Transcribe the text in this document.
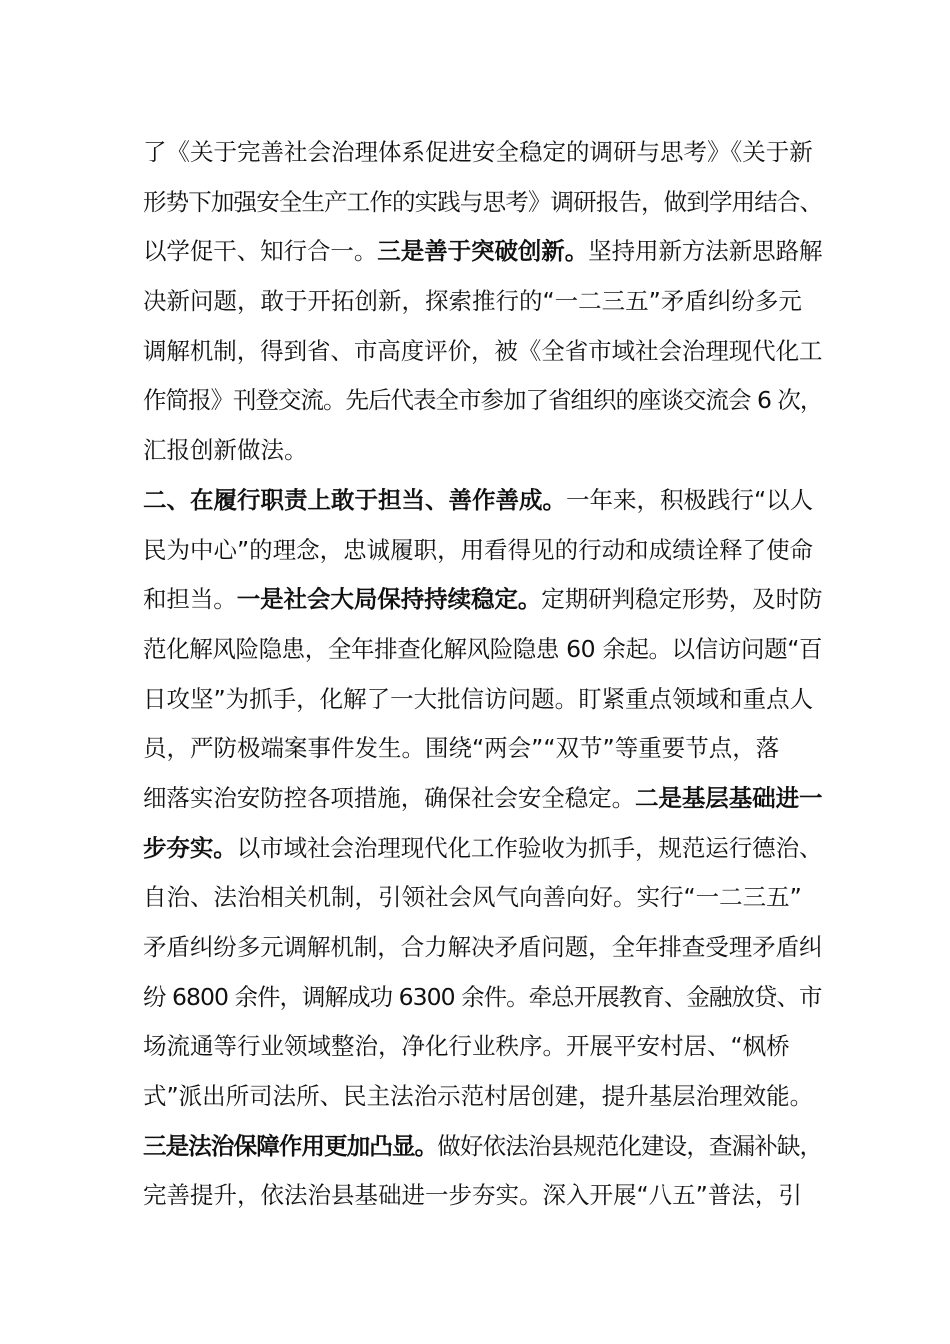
了《关于完善社会治理体系促进安全稳定的调研与思考》《关于新
形势下加强安全生产工作的实践与思考》调研报告，做到学用结合、
以学促干、知行合一。三是善于突破创新。坚持用新方法新思路解
决新问题，敢于开拓创新，探索推行的“一二三五”矛盾纠纷多元
调解机制，得到省、市高度评价，被《全省市域社会治理现代化工
作简报》刊登交流。先后代表全市参加了省组织的座谈交流会 6 次，
汇报创新做法。
二、在履行职责上敢于担当、善作善成。一年来，积极践行“以人
民为中心”的理念，忠诚履职，用看得见的行动和成绩诠释了使命
和担当。一是社会大局保持持续稳定。定期研判稳定形势，及时防
范化解风险隐患，全年排查化解风险隐患 60 余起。以信访问题“百
日攻坚”为抓手，化解了一大批信访问题。盯紧重点领域和重点人
员，严防极端案事件发生。围绕“两会”“双节”等重要节点，落
细落实治安防控各项措施，确保社会安全稳定。二是基层基础进一
步夯实。以市域社会治理现代化工作验收为抓手，规范运行德治、
自治、法治相关机制，引领社会风气向善向好。实行“一二三五”
矛盾纠纷多元调解机制，合力解决矛盾问题，全年排查受理矛盾纠
纷 6800 余件，调解成功 6300 余件。牵总开展教育、金融放贷、市
场流通等行业领域整治，净化行业秩序。开展平安村居、“枫桥
式”派出所司法所、民主法治示范村居创建，提升基层治理效能。
三是法治保障作用更加凸显。做好依法治县规范化建设，查漏补缺，
完善提升，依法治县基础进一步夯实。深入开展“八五”普法，引
